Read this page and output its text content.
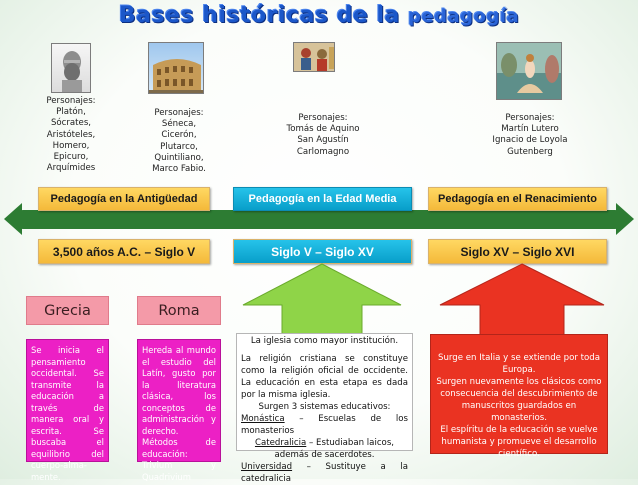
Bases históricas de la pedagogía
Personajes:
Platón,
Sócrates,
Aristóteles,
Homero,
Epicuro,
Arquímides
Personajes:
Séneca,
Cicerón,
Plutarco,
Quintiliano,
Marco Fabio.
Personajes:
Tomás de Aquino
San Agustín
Carlomagno
Personajes:
Martín Lutero
Ignacio de Loyola
Gutenberg
Pedagogía en la Antigüedad	Pedagogía en la Edad Media	Pedagogía en el Renacimiento
3,500 años A.C. – Siglo V	Siglo V – Siglo XV	Siglo XV – Siglo XVI
Grecia	Roma
Se inicia el pensamiento occidental. Se transmite la educación a través de manera oral y escrita. Se buscaba el equilibrio del cuerpo-alma-mente.
Hereda al mundo el estudio del Latín, gusto por la literatura clásica, los conceptos de administración y derecho. Métodos de educación: Trivium y Quadrivium
La iglesia como mayor institución.
La religión cristiana se constituye como la religión oficial de occidente. La educación en esta etapa es dada por la misma iglesia.
Surgen 3 sistemas educativos:
Monástica – Escuelas de los monasterios
Catedralicia – Estudiaban laicos, además de sacerdotes.
Universidad – Sustituye a la catedralicia
Surge en Italia y se extiende por toda Europa.
Surgen nuevamente los clásicos como consecuencia del descubrimiento de manuscritos guardados en monasterios.
El espíritu de la educación se vuelve humanista y promueve el desarrollo científico.
